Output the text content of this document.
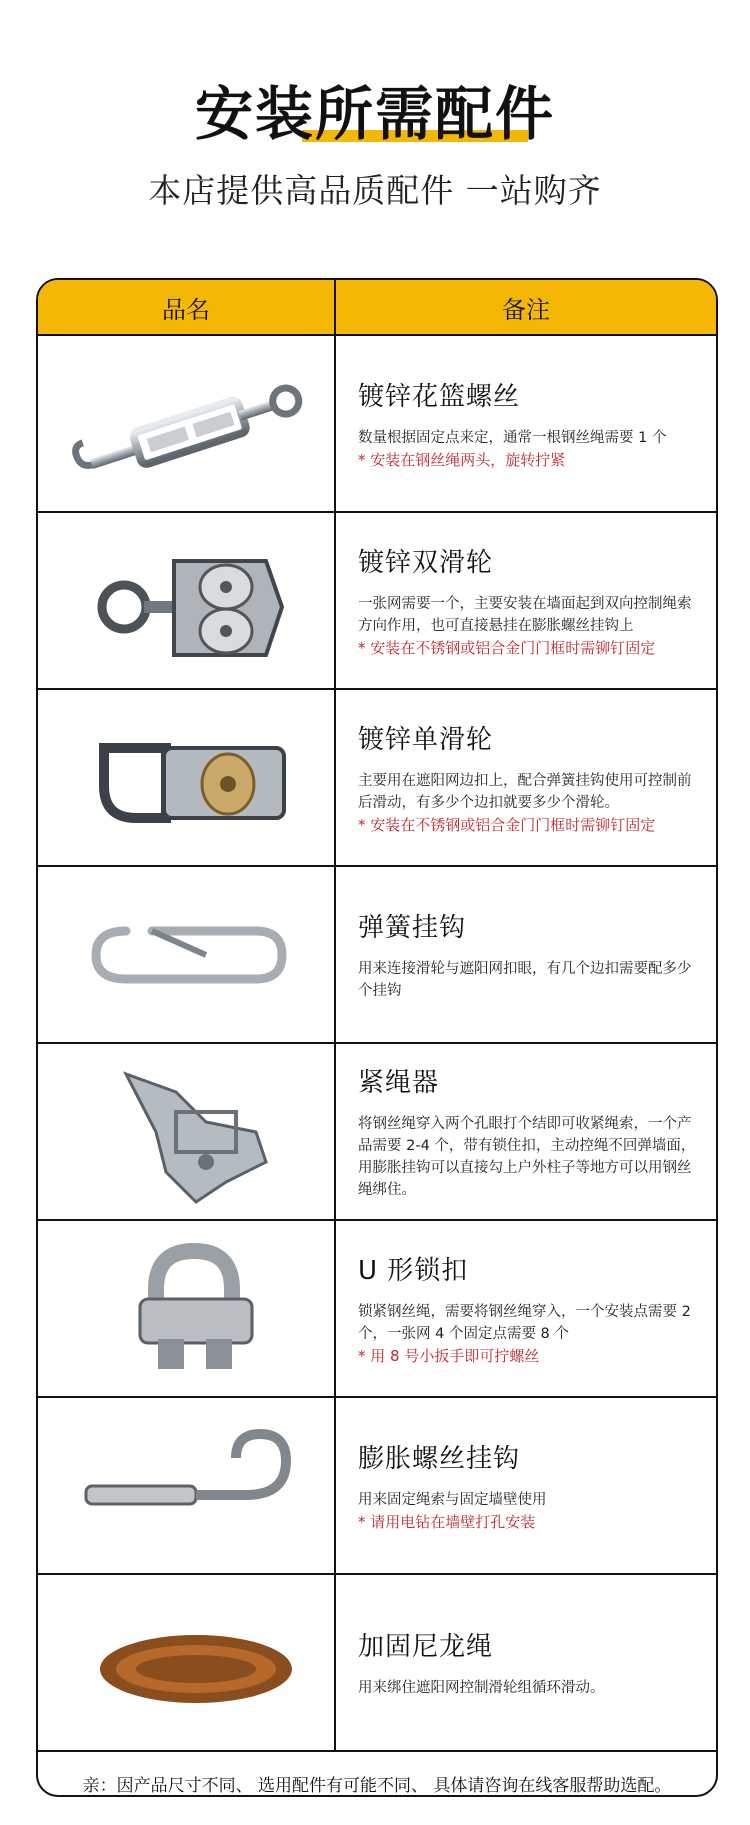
安装所需配件
本店提供高品质配件 一站购齐
品名	备注
镀锌花篮螺丝
数量根据固定点来定，通常一根钢丝绳需要 1 个
* 安装在钢丝绳两头，旋转拧紧
镀锌双滑轮
一张网需要一个，主要安装在墙面起到双向控制绳索方向作用，也可直接悬挂在膨胀螺丝挂钩上
* 安装在不锈钢或铝合金门门框时需铆钉固定
镀锌单滑轮
主要用在遮阳网边扣上，配合弹簧挂钩使用可控制前后滑动，有多少个边扣就要多少个滑轮。
* 安装在不锈钢或铝合金门门框时需铆钉固定
弹簧挂钩
用来连接滑轮与遮阳网扣眼，有几个边扣需要配多少个挂钩
紧绳器
将钢丝绳穿入两个孔眼打个结即可收紧绳索，一个产品需要 2-4 个，带有锁住扣，主动控绳不回弹墙面，用膨胀挂钩可以直接勾上户外柱子等地方可以用钢丝绳绑住。
U 形锁扣
锁紧钢丝绳，需要将钢丝绳穿入，一个安装点需要 2 个，一张网 4 个固定点需要 8 个
* 用 8 号小扳手即可拧螺丝
膨胀螺丝挂钩
用来固定绳索与固定墙壁使用
* 请用电钻在墙壁打孔安装
加固尼龙绳
用来绑住遮阳网控制滑轮组循环滑动。
亲：因产品尺寸不同、 选用配件有可能不同、 具体请咨询在线客服帮助选配。
